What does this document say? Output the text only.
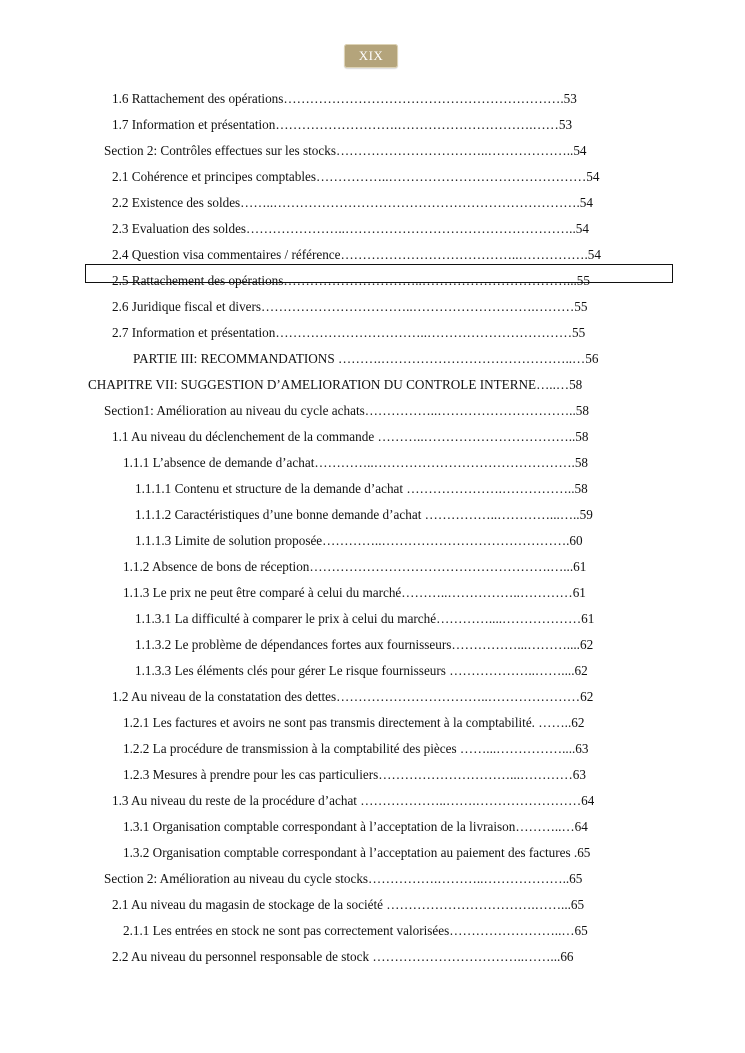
XIX
1.6 Rattachement des opérations……………………………………………………….53
1.7 Information et présentation……………………….………………………….……53
Section 2: Contrôles effectues sur les stocks……………………………..………………..54
2.1 Cohérence et principes comptables……………..………………………………………54
2.2 Existence des soldes……..…………………………………………………………….54
2.3 Evaluation des soldes…………………..……………………………………………..54
2.4 Question visa commentaires / référence…………………………………..…………….54
2.5 Rattachement des opérations…………………………..……………………………...55
2.6 Juridique fiscal et divers……………………………..……………………….………55
2.7 Information et présentation……………………………..……………………………55
PARTIE III: RECOMMANDATIONS ……….……………………………………..…56
CHAPITRE VII: SUGGESTION D’AMELIORATION DU CONTROLE INTERNE…..…58
Section1: Amélioration au niveau du cycle achats……………..…………………………..58
1.1 Au niveau du déclenchement de la commande ………..……………………………..58
1.1.1 L’absence de demande d’achat…………..……………………………………….58
1.1.1.1 Contenu et structure de la demande d’achat ………………….……………..58
1.1.1.2 Caractéristiques d’une bonne demande d’achat ……………..…………...…..59
1.1.1.3 Limite de solution proposée…………..…………………………………….60
1.1.2 Absence de bons de réception……………………………………………….…...61
1.1.3 Le prix ne peut être comparé à celui du marché………..……………..…………61
1.1.3.1 La difficulté à comparer le prix à celui du marché…………....………………61
1.1.3.2 Le problème de dépendances fortes aux fournisseurs……………...………....62
1.1.3.3 Les éléments clés pour gérer Le risque fournisseurs ………………..……....62
1.2 Au niveau de la constatation des dettes……………………………..…………………62
1.2.1 Les factures et avoirs ne sont pas transmis directement à la comptabilité. ……..62
1.2.2 La procédure de transmission à la comptabilité des pièces ……...……………....63
1.2.3 Mesures à prendre pour les cas particuliers…………………………...…………63
1.3 Au niveau du reste de la procédure d’achat ………………..…….……………………64
1.3.1 Organisation comptable correspondant à l’acceptation de la livraison………..…64
1.3.2 Organisation comptable correspondant à l’acceptation au paiement des factures .65
Section 2: Amélioration au niveau du cycle stocks…………….………..………………..65
2.1 Au niveau du magasin de stockage de la société …………………………….……...65
2.1.1 Les entrées en stock ne sont pas correctement valorisées……………………..…65
2.2 Au niveau du personnel responsable de stock ……………………………..……...66
